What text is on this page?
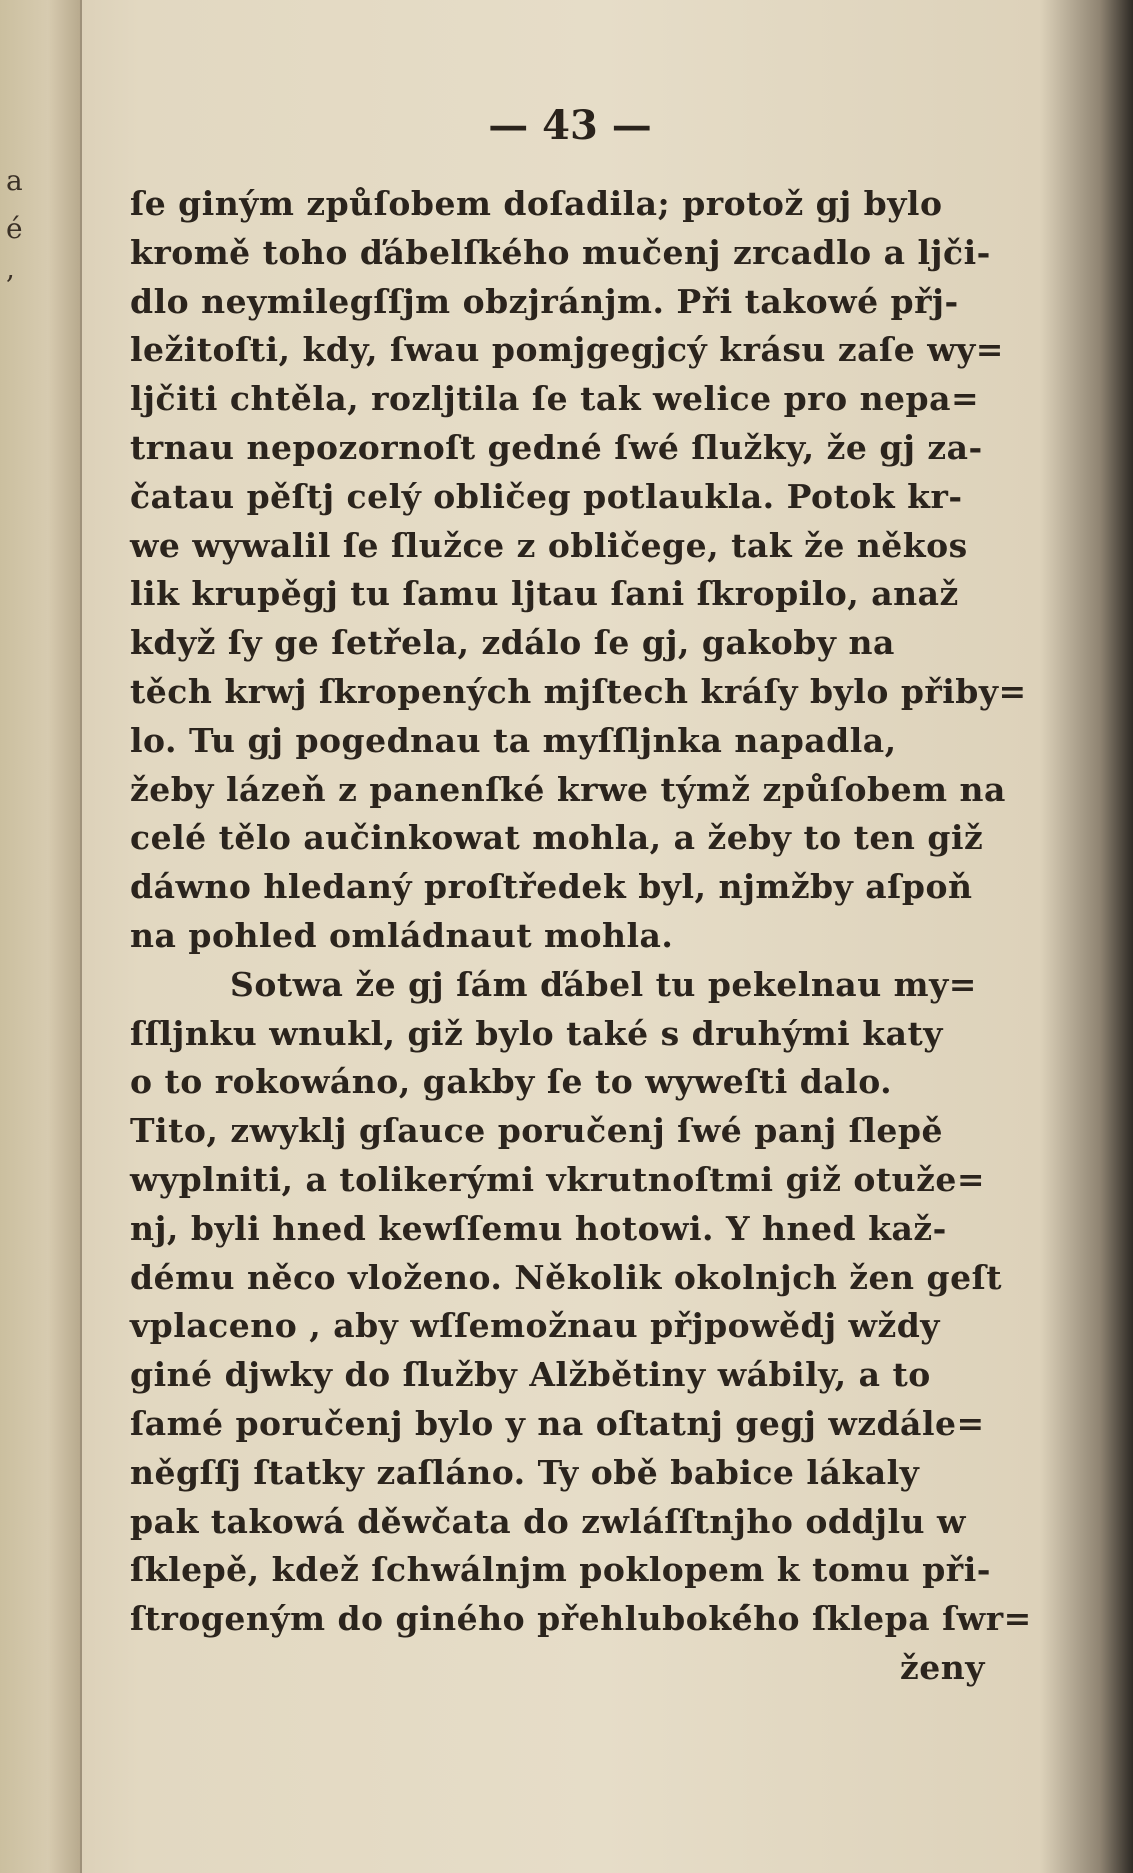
a
é
,
— 43 —
ſe giným způſobem doſadila; protož gj bylo
kromě toho ďábelſkého mučenj zrcadlo a ljči-
dlo neymilegſſjm obzjránjm. Při takowé přj-
ležitoſti, kdy, ſwau pomjgegjcý krásu zaſe wy=
ljčiti chtěla, rozljtila ſe tak welice pro nepa=
trnau nepozornoſt gedné ſwé ſlužky, že gj za-
čatau pěſtj celý obličeg potlaukla. Potok kr-
we wywalil ſe ſlužce z obličege, tak že někos
lik krupěgj tu ſamu ljtau ſani ſkropilo, anaž
když ſy ge ſetřela, zdálo ſe gj, gakoby na
těch krwj ſkropených mjſtech kráſy bylo přiby=
lo. Tu gj pogednau ta myſſljnka napadla,
žeby lázeň z panenſké krwe týmž způſobem na
celé tělo aučinkowat mohla, a žeby to ten giž
dáwno hledaný proſtředek byl, njmžby aſpoň
na pohled omládnaut mohla.
Sotwa že gj ſám ďábel tu pekelnau my=
ſſljnku wnukl, giž bylo také s druhými katy
o to rokowáno, gakby ſe to wyweſti dalo.
Tito, zwyklj gſauce poručenj ſwé panj ſlepě
wyplniti, a tolikerými vkrutnoſtmi giž otuže=
nj, byli hned kewſſemu hotowi. Y hned kaž-
dému něco vloženo. Několik okolnjch žen geſt
vplaceno , aby wſſemožnau přjpowědj wždy
giné djwky do ſlužby Alžbětiny wábily, a to
ſamé poručenj bylo y na oſtatnj gegj wzdále=
něgſſj ſtatky zaſláno. Ty obě babice lákaly
pak takowá děwčata do zwláſſtnjho oddjlu w
ſklepě, kdež ſchwálnjm poklopem k tomu při-
ſtrogeným do giného přehluboké́ho ſklepa ſwr=
ženy
